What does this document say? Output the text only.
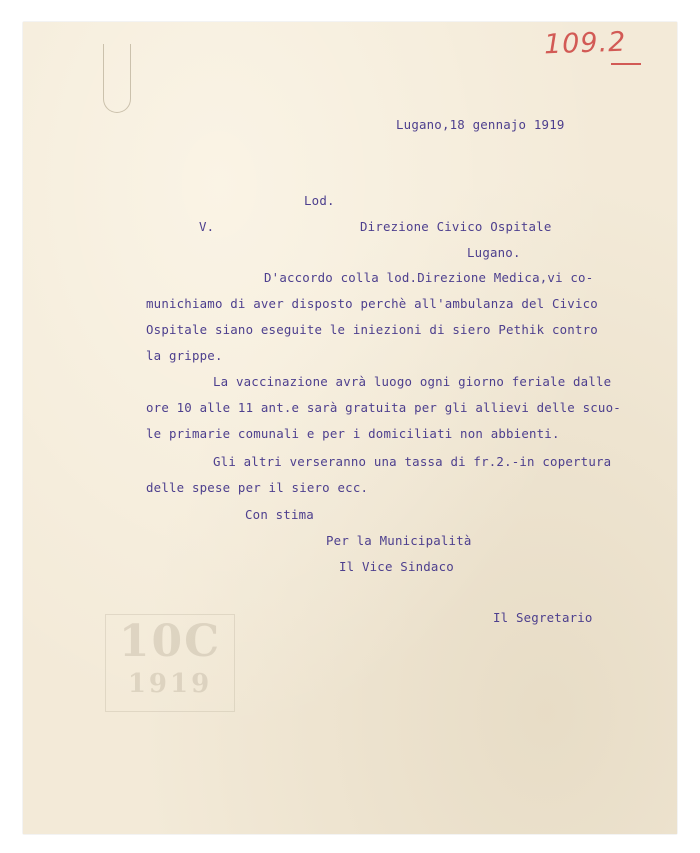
10C
1919
109.2
Lugano,18 gennajo 1919
Lod.
V.	Direzione Civico Ospitale
Lugano.
D'accordo colla lod.Direzione Medica,vi co-
munichiamo di aver disposto perchè all'ambulanza del Civico
Ospitale siano eseguite le iniezioni di siero Pethik contro
la grippe.
La vaccinazione avrà luogo ogni giorno feriale dalle
ore 10 alle 11 ant.e sarà gratuita per gli allievi delle scuo-
le primarie comunali e per i domiciliati non abbienti.
Gli altri verseranno una tassa di fr.2.-in copertura
delle spese per il siero ecc.
Con stima
Per la Municipalità
Il Vice Sindaco
Il Segretario
